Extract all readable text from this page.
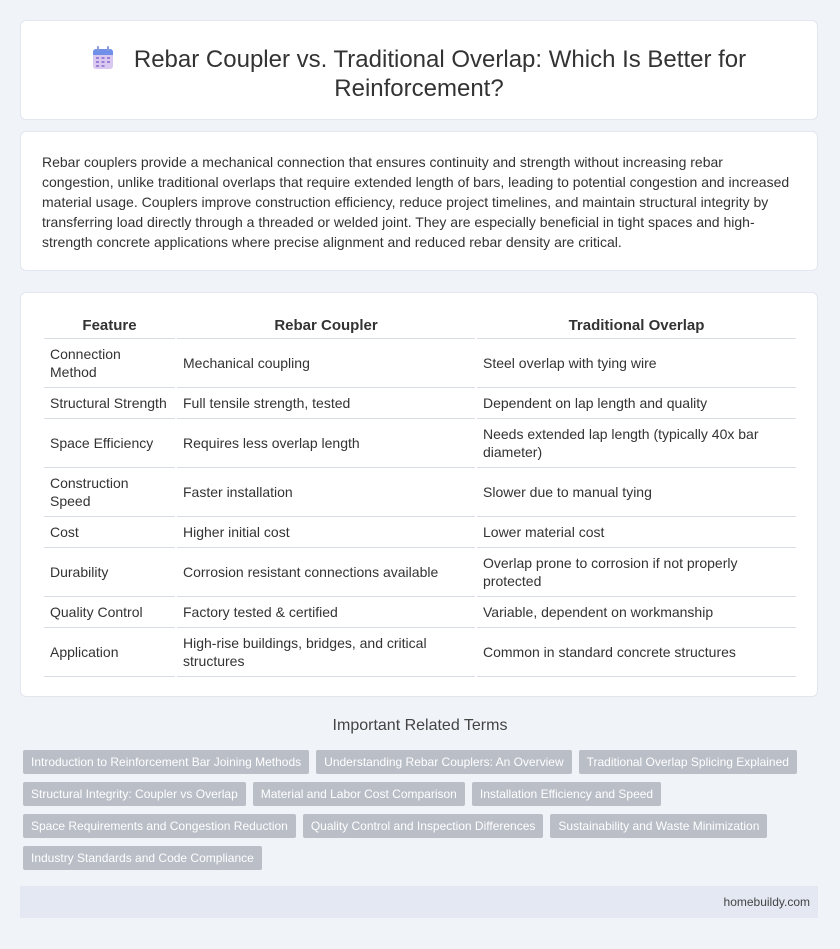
Rebar Coupler vs. Traditional Overlap: Which Is Better for Reinforcement?

Rebar couplers provide a mechanical connection that ensures continuity and strength without increasing rebar congestion, unlike traditional overlaps that require extended length of bars, leading to potential congestion and increased material usage. Couplers improve construction efficiency, reduce project timelines, and maintain structural integrity by transferring load directly through a threaded or welded joint. They are especially beneficial in tight spaces and high-strength concrete applications where precise alignment and reduced rebar density are critical.

Feature	Rebar Coupler	Traditional Overlap
Connection Method	Mechanical coupling	Steel overlap with tying wire
Structural Strength	Full tensile strength, tested	Dependent on lap length and quality
Space Efficiency	Requires less overlap length	Needs extended lap length (typically 40x bar diameter)
Construction Speed	Faster installation	Slower due to manual tying
Cost	Higher initial cost	Lower material cost
Durability	Corrosion resistant connections available	Overlap prone to corrosion if not properly protected
Quality Control	Factory tested & certified	Variable, dependent on workmanship
Application	High-rise buildings, bridges, and critical structures	Common in standard concrete structures
Important Related Terms
Introduction to Reinforcement Bar Joining Methods	Understanding Rebar Couplers: An Overview	Traditional Overlap Splicing Explained
Structural Integrity: Coupler vs Overlap	Material and Labor Cost Comparison	Installation Efficiency and Speed
Space Requirements and Congestion Reduction	Quality Control and Inspection Differences	Sustainability and Waste Minimization
Industry Standards and Code Compliance
homebuildy.com
